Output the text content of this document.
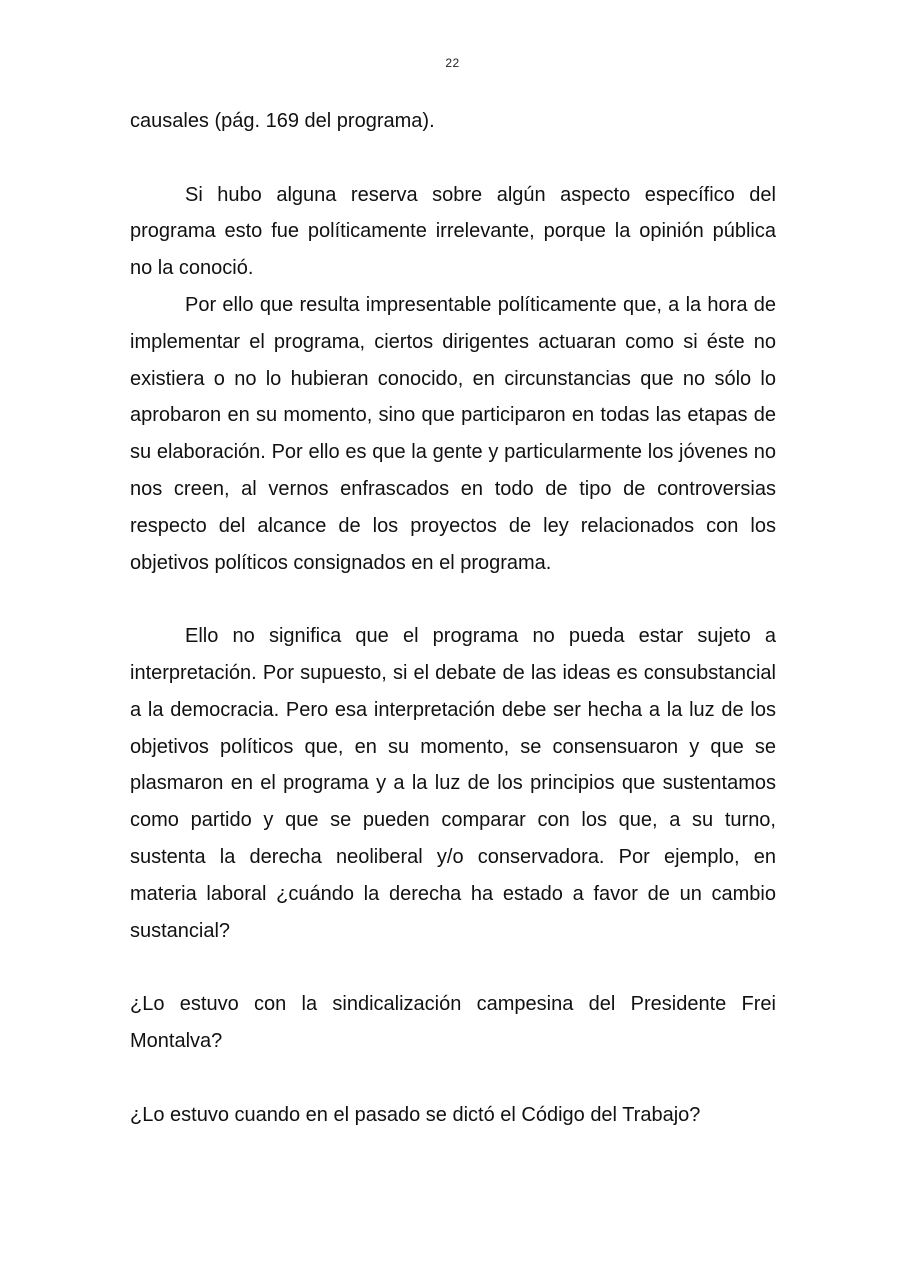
22

causales (pág. 169 del programa).

Si hubo alguna reserva sobre algún aspecto específico del programa esto fue políticamente irrelevante, porque la opinión pública no la conoció.

Por ello que resulta impresentable políticamente que, a la hora de implementar el programa, ciertos dirigentes actuaran como si éste no existiera o no lo hubieran conocido, en circunstancias que no sólo lo aprobaron en su momento, sino que participaron en todas las etapas de su elaboración. Por ello es que la gente y particularmente los jóvenes no nos creen, al vernos enfrascados en todo de tipo de controversias respecto del alcance de los proyectos de ley relacionados con los objetivos políticos consignados en el programa.

Ello no significa que el programa no pueda estar sujeto a interpretación. Por supuesto, si el debate de las ideas es consubstancial a la democracia. Pero esa interpretación debe ser hecha a la luz de los objetivos políticos que, en su momento, se consensuaron y que se plasmaron en el programa y a la luz de los principios que sustentamos como partido y que se pueden comparar con los que, a su turno, sustenta la derecha neoliberal y/o conservadora. Por ejemplo, en materia laboral ¿cuándo la derecha ha estado a favor de un cambio sustancial?

¿Lo estuvo con la sindicalización campesina del Presidente Frei Montalva?

¿Lo estuvo cuando en el pasado se dictó el Código del Trabajo?
